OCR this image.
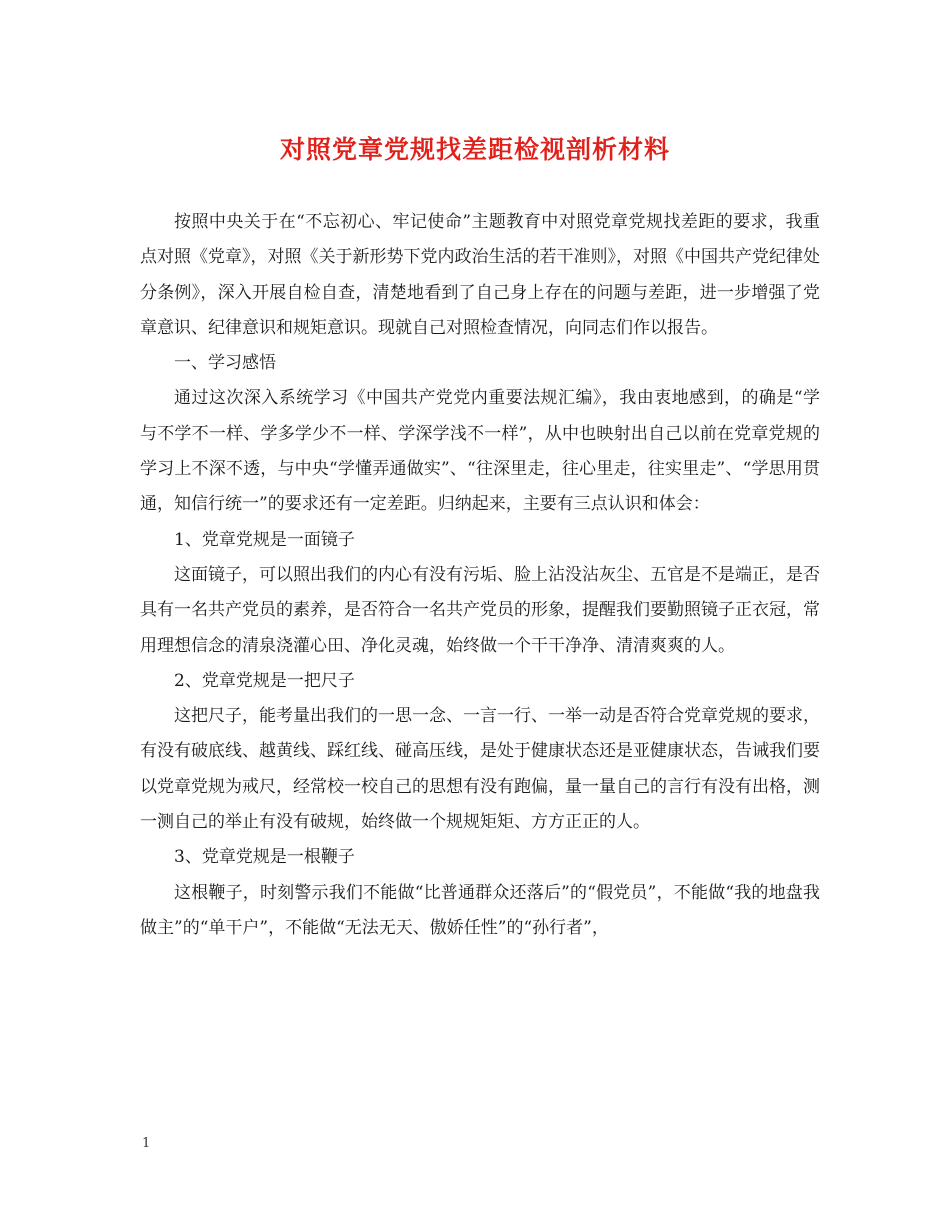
对照党章党规找差距检视剖析材料

按照中央关于在“不忘初心、牢记使命”主题教育中对照党章党规找差距的要求，我重点对照《党章》，对照《关于新形势下党内政治生活的若干准则》，对照《中国共产党纪律处分条例》，深入开展自检自查，清楚地看到了自己身上存在的问题与差距，进一步增强了党章意识、纪律意识和规矩意识。现就自己对照检查情况，向同志们作以报告。

一、学习感悟

通过这次深入系统学习《中国共产党党内重要法规汇编》，我由衷地感到，的确是“学与不学不一样、学多学少不一样、学深学浅不一样”，从中也映射出自己以前在党章党规的学习上不深不透，与中央“学懂弄通做实”、“往深里走，往心里走，往实里走”、“学思用贯通，知信行统一”的要求还有一定差距。归纳起来，主要有三点认识和体会：

1、党章党规是一面镜子

这面镜子，可以照出我们的内心有没有污垢、脸上沾没沾灰尘、五官是不是端正，是否具有一名共产党员的素养，是否符合一名共产党员的形象，提醒我们要勤照镜子正衣冠，常用理想信念的清泉浇灌心田、净化灵魂，始终做一个干干净净、清清爽爽的人。

2、党章党规是一把尺子

这把尺子，能考量出我们的一思一念、一言一行、一举一动是否符合党章党规的要求，有没有破底线、越黄线、踩红线、碰高压线，是处于健康状态还是亚健康状态，告诫我们要以党章党规为戒尺，经常校一校自己的思想有没有跑偏，量一量自己的言行有没有出格，测一测自己的举止有没有破规，始终做一个规规矩矩、方方正正的人。

3、党章党规是一根鞭子

这根鞭子，时刻警示我们不能做“比普通群众还落后”的“假党员”，不能做“我的地盘我做主”的“单干户”，不能做“无法无天、傲娇任性”的“孙行者”，

1
